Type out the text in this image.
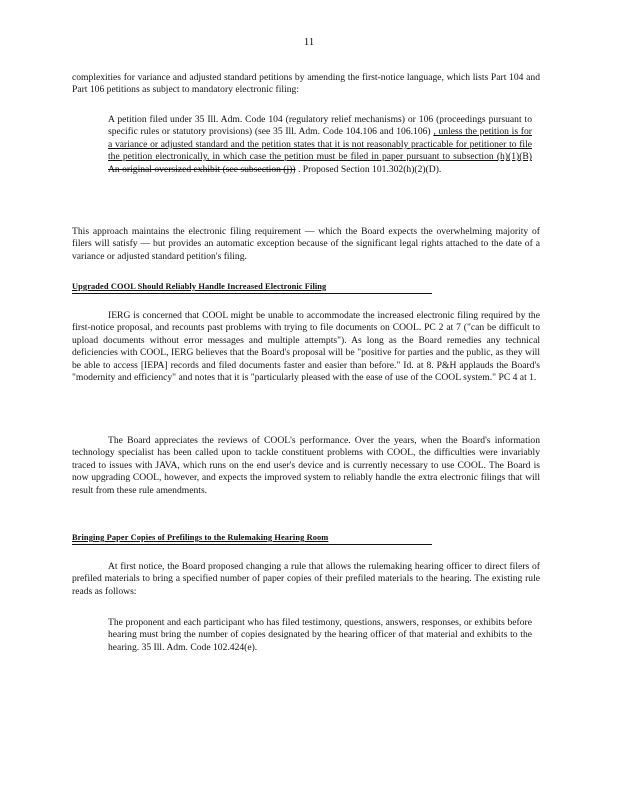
11

complexities for variance and adjusted standard petitions by amending the first-notice language, which lists Part 104 and Part 106 petitions as subject to mandatory electronic filing:

A petition filed under 35 Ill. Adm. Code 104 (regulatory relief mechanisms) or 106 (proceedings pursuant to specific rules or statutory provisions) (see 35 Ill. Adm. Code 104.106 and 106.106) , unless the petition is for a variance or adjusted standard and the petition states that it is not reasonably practicable for petitioner to file the petition electronically, in which case the petition must be filed in paper pursuant to subsection (h)(1)(B) An original oversized exhibit (see subsection (j)) . Proposed Section 101.302(h)(2)(D).

This approach maintains the electronic filing requirement — which the Board expects the overwhelming majority of filers will satisfy — but provides an automatic exception because of the significant legal rights attached to the date of a variance or adjusted standard petition's filing.

Upgraded COOL Should Reliably Handle Increased Electronic Filing

IERG is concerned that COOL might be unable to accommodate the increased electronic filing required by the first-notice proposal, and recounts past problems with trying to file documents on COOL. PC 2 at 7 ("can be difficult to upload documents without error messages and multiple attempts"). As long as the Board remedies any technical deficiencies with COOL, IERG believes that the Board's proposal will be "positive for parties and the public, as they will be able to access [IEPA] records and filed documents faster and easier than before." Id. at 8. P&H applauds the Board's "modernity and efficiency" and notes that it is "particularly pleased with the ease of use of the COOL system." PC 4 at 1.

The Board appreciates the reviews of COOL's performance. Over the years, when the Board's information technology specialist has been called upon to tackle constituent problems with COOL, the difficulties were invariably traced to issues with JAVA, which runs on the end user's device and is currently necessary to use COOL. The Board is now upgrading COOL, however, and expects the improved system to reliably handle the extra electronic filings that will result from these rule amendments.

Bringing Paper Copies of Prefilings to the Rulemaking Hearing Room

At first notice, the Board proposed changing a rule that allows the rulemaking hearing officer to direct filers of prefiled materials to bring a specified number of paper copies of their prefiled materials to the hearing. The existing rule reads as follows:

The proponent and each participant who has filed testimony, questions, answers, responses, or exhibits before hearing must bring the number of copies designated by the hearing officer of that material and exhibits to the hearing. 35 Ill. Adm. Code 102.424(e).
